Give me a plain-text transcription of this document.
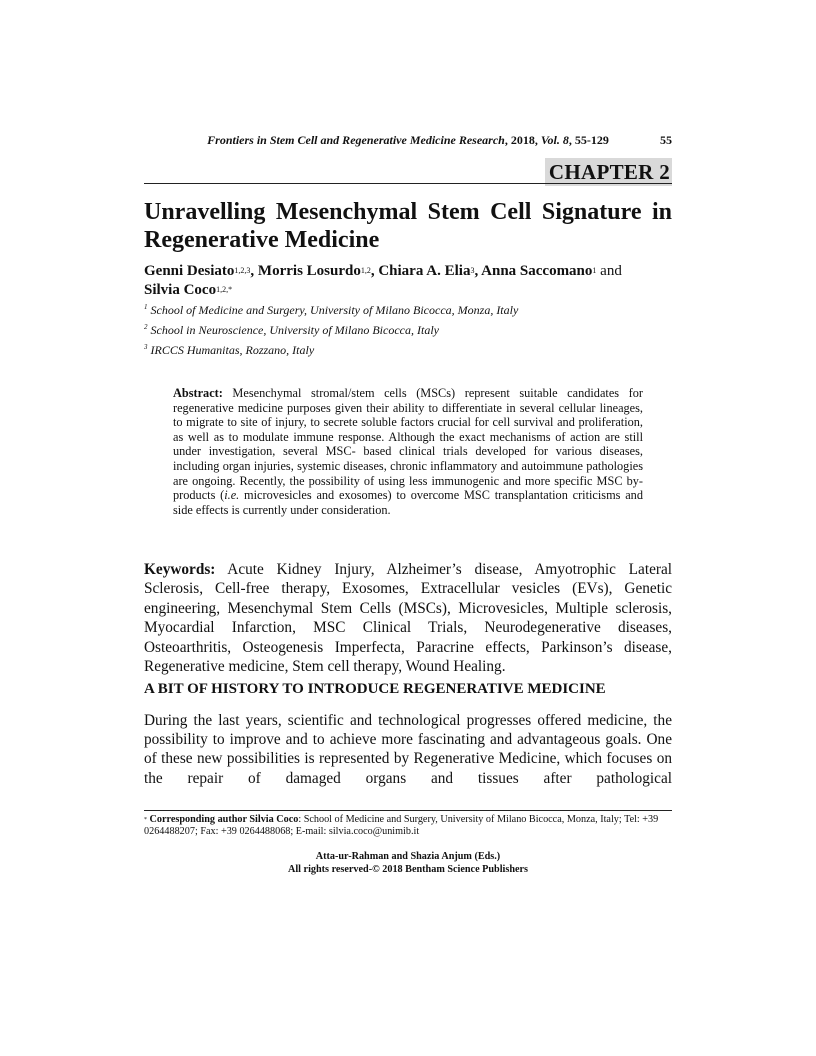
Frontiers in Stem Cell and Regenerative Medicine Research, 2018, Vol. 8, 55-129	55
CHAPTER 2
Unravelling Mesenchymal Stem Cell Signature in Regenerative Medicine
Genni Desiato$^{1,2,3}$, Morris Losurdo$^{1,2}$, Chiara A. Elia$^3$, Anna Saccomano$^1$ and
Silvia Coco$^{1,2,*}$
$^1$ School of Medicine and Surgery, University of Milano Bicocca, Monza, Italy
$^2$ School in Neuroscience, University of Milano Bicocca, Italy
$^3$ IRCCS Humanitas, Rozzano, Italy
Abstract: Mesenchymal stromal/stem cells (MSCs) represent suitable candidates for regenerative medicine purposes given their ability to differentiate in several cellular lineages, to migrate to site of injury, to secrete soluble factors crucial for cell survival and proliferation, as well as to modulate immune response. Although the exact mechanisms of action are still under investigation, several MSC- based clinical trials developed for various diseases, including organ injuries, systemic diseases, chronic inflammatory and autoimmune pathologies are ongoing. Recently, the possibility of using less immunogenic and more specific MSC by-products (i.e. microvesicles and exosomes) to overcome MSC transplantation criticisms and side effects is currently under consideration.
Keywords: Acute Kidney Injury, Alzheimer’s disease, Amyotrophic Lateral Sclerosis, Cell-free therapy, Exosomes, Extracellular vesicles (EVs), Genetic engineering, Mesenchymal Stem Cells (MSCs), Microvesicles, Multiple sclerosis, Myocardial Infarction, MSC Clinical Trials, Neurodegenerative diseases, Osteoarthritis, Osteogenesis Imperfecta, Paracrine effects, Parkinson’s disease, Regenerative medicine, Stem cell therapy, Wound Healing.
A BIT OF HISTORY TO INTRODUCE REGENERATIVE MEDICINE
During the last years, scientific and technological progresses offered medicine, the possibility to improve and to achieve more fascinating and advantageous goals. One of these new possibilities is represented by Regenerative Medicine, which focuses on the repair of damaged organs and tissues after pathological
* Corresponding author Silvia Coco: School of Medicine and Surgery, University of Milano Bicocca, Monza, Italy; Tel: +39 0264488207; Fax: +39 0264488068; E-mail: silvia.coco@unimib.it
Atta-ur-Rahman and Shazia Anjum (Eds.)
All rights reserved-© 2018 Bentham Science Publishers
